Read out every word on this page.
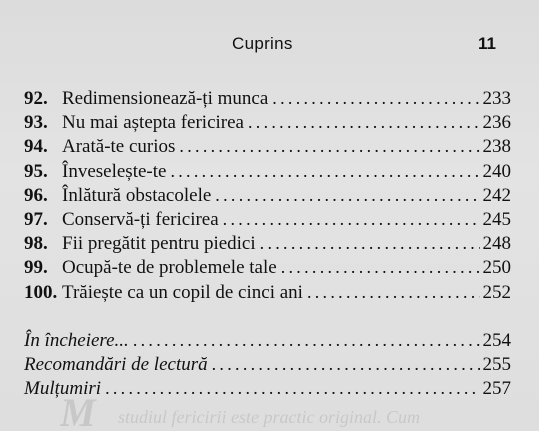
M studiul fericirii este practic original. Cum
Cuprins	11
92. Redimensionează-ți munca . . .	233
93. Nu mai aștepta fericirea . . .	236
94. Arată-te curios . . .	238
95. Înveselește-te . . .	240
96. Înlătură obstacolele . . .	242
97. Conservă-ți fericirea . . .	245
98. Fii pregătit pentru piedici . . .	248
99. Ocupă-te de problemele tale . . .	250
100. Trăiește ca un copil de cinci ani . . .	252
În încheiere... . . .	254
Recomandări de lectură . . .	255
Mulțumiri . . .	257
